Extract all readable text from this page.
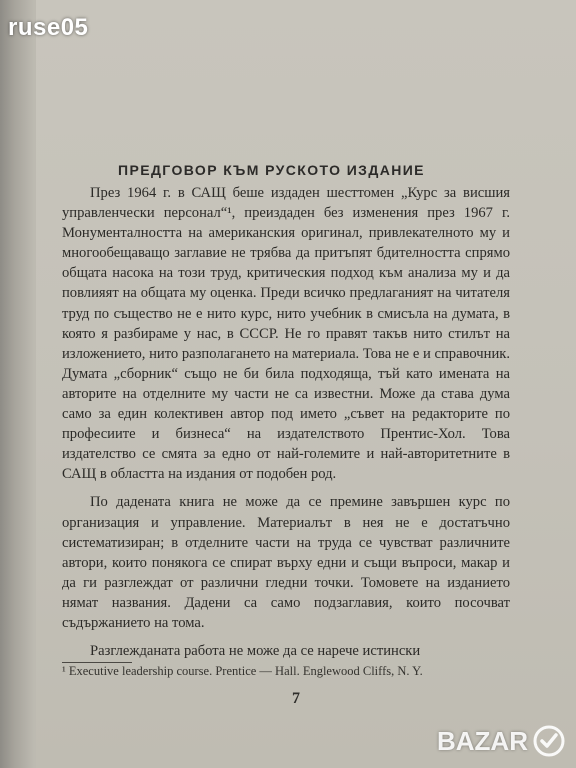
ruse05
ПРЕДГОВОР КЪМ РУСКОТО ИЗДАНИЕ

През 1964 г. в САЩ беше издаден шесттомен „Курс за висшия управленчески персонал“¹, преиздаден без изменения през 1967 г. Монументалността на американския оригинал, привлекателното му и многообещаващо заглавие не трябва да притъпят бдителността спрямо общата насока на този труд, критическия подход към анализа му и да повлияят на общата му оценка. Преди всичко предлаганият на читателя труд по същество не е нито курс, нито учебник в смисъла на думата, в която я разбираме у нас, в СССР. Не го правят такъв нито стилът на изложението, нито разполагането на материала. Това не е и справочник. Думата „сборник“ също не би била подходяща, тъй като имената на авторите на отделните му части не са известни. Може да става дума само за един колективен автор под името „съвет на редакторите по професиите и бизнеса“ на издателството Прентис-Хол. Това издателство се смята за едно от най-големите и най-авторитетните в САЩ в областта на издания от подобен род.

По дадената книга не може да се премине завършен курс по организация и управление. Материалът в нея не е достатъчно систематизиран; в отделните части на труда се чувстват различните автори, които понякога се спират върху едни и същи въпроси, макар и да ги разглеждат от различни гледни точки. Томовете на изданието нямат названия. Дадени са само подзаглавия, които посочват съдържанието на тома.

Разглежданата работа не може да се нарече истински

¹ Executive leadership course. Prentice — Hall. Englewood Cliffs, N. Y.
7
BAZAR
